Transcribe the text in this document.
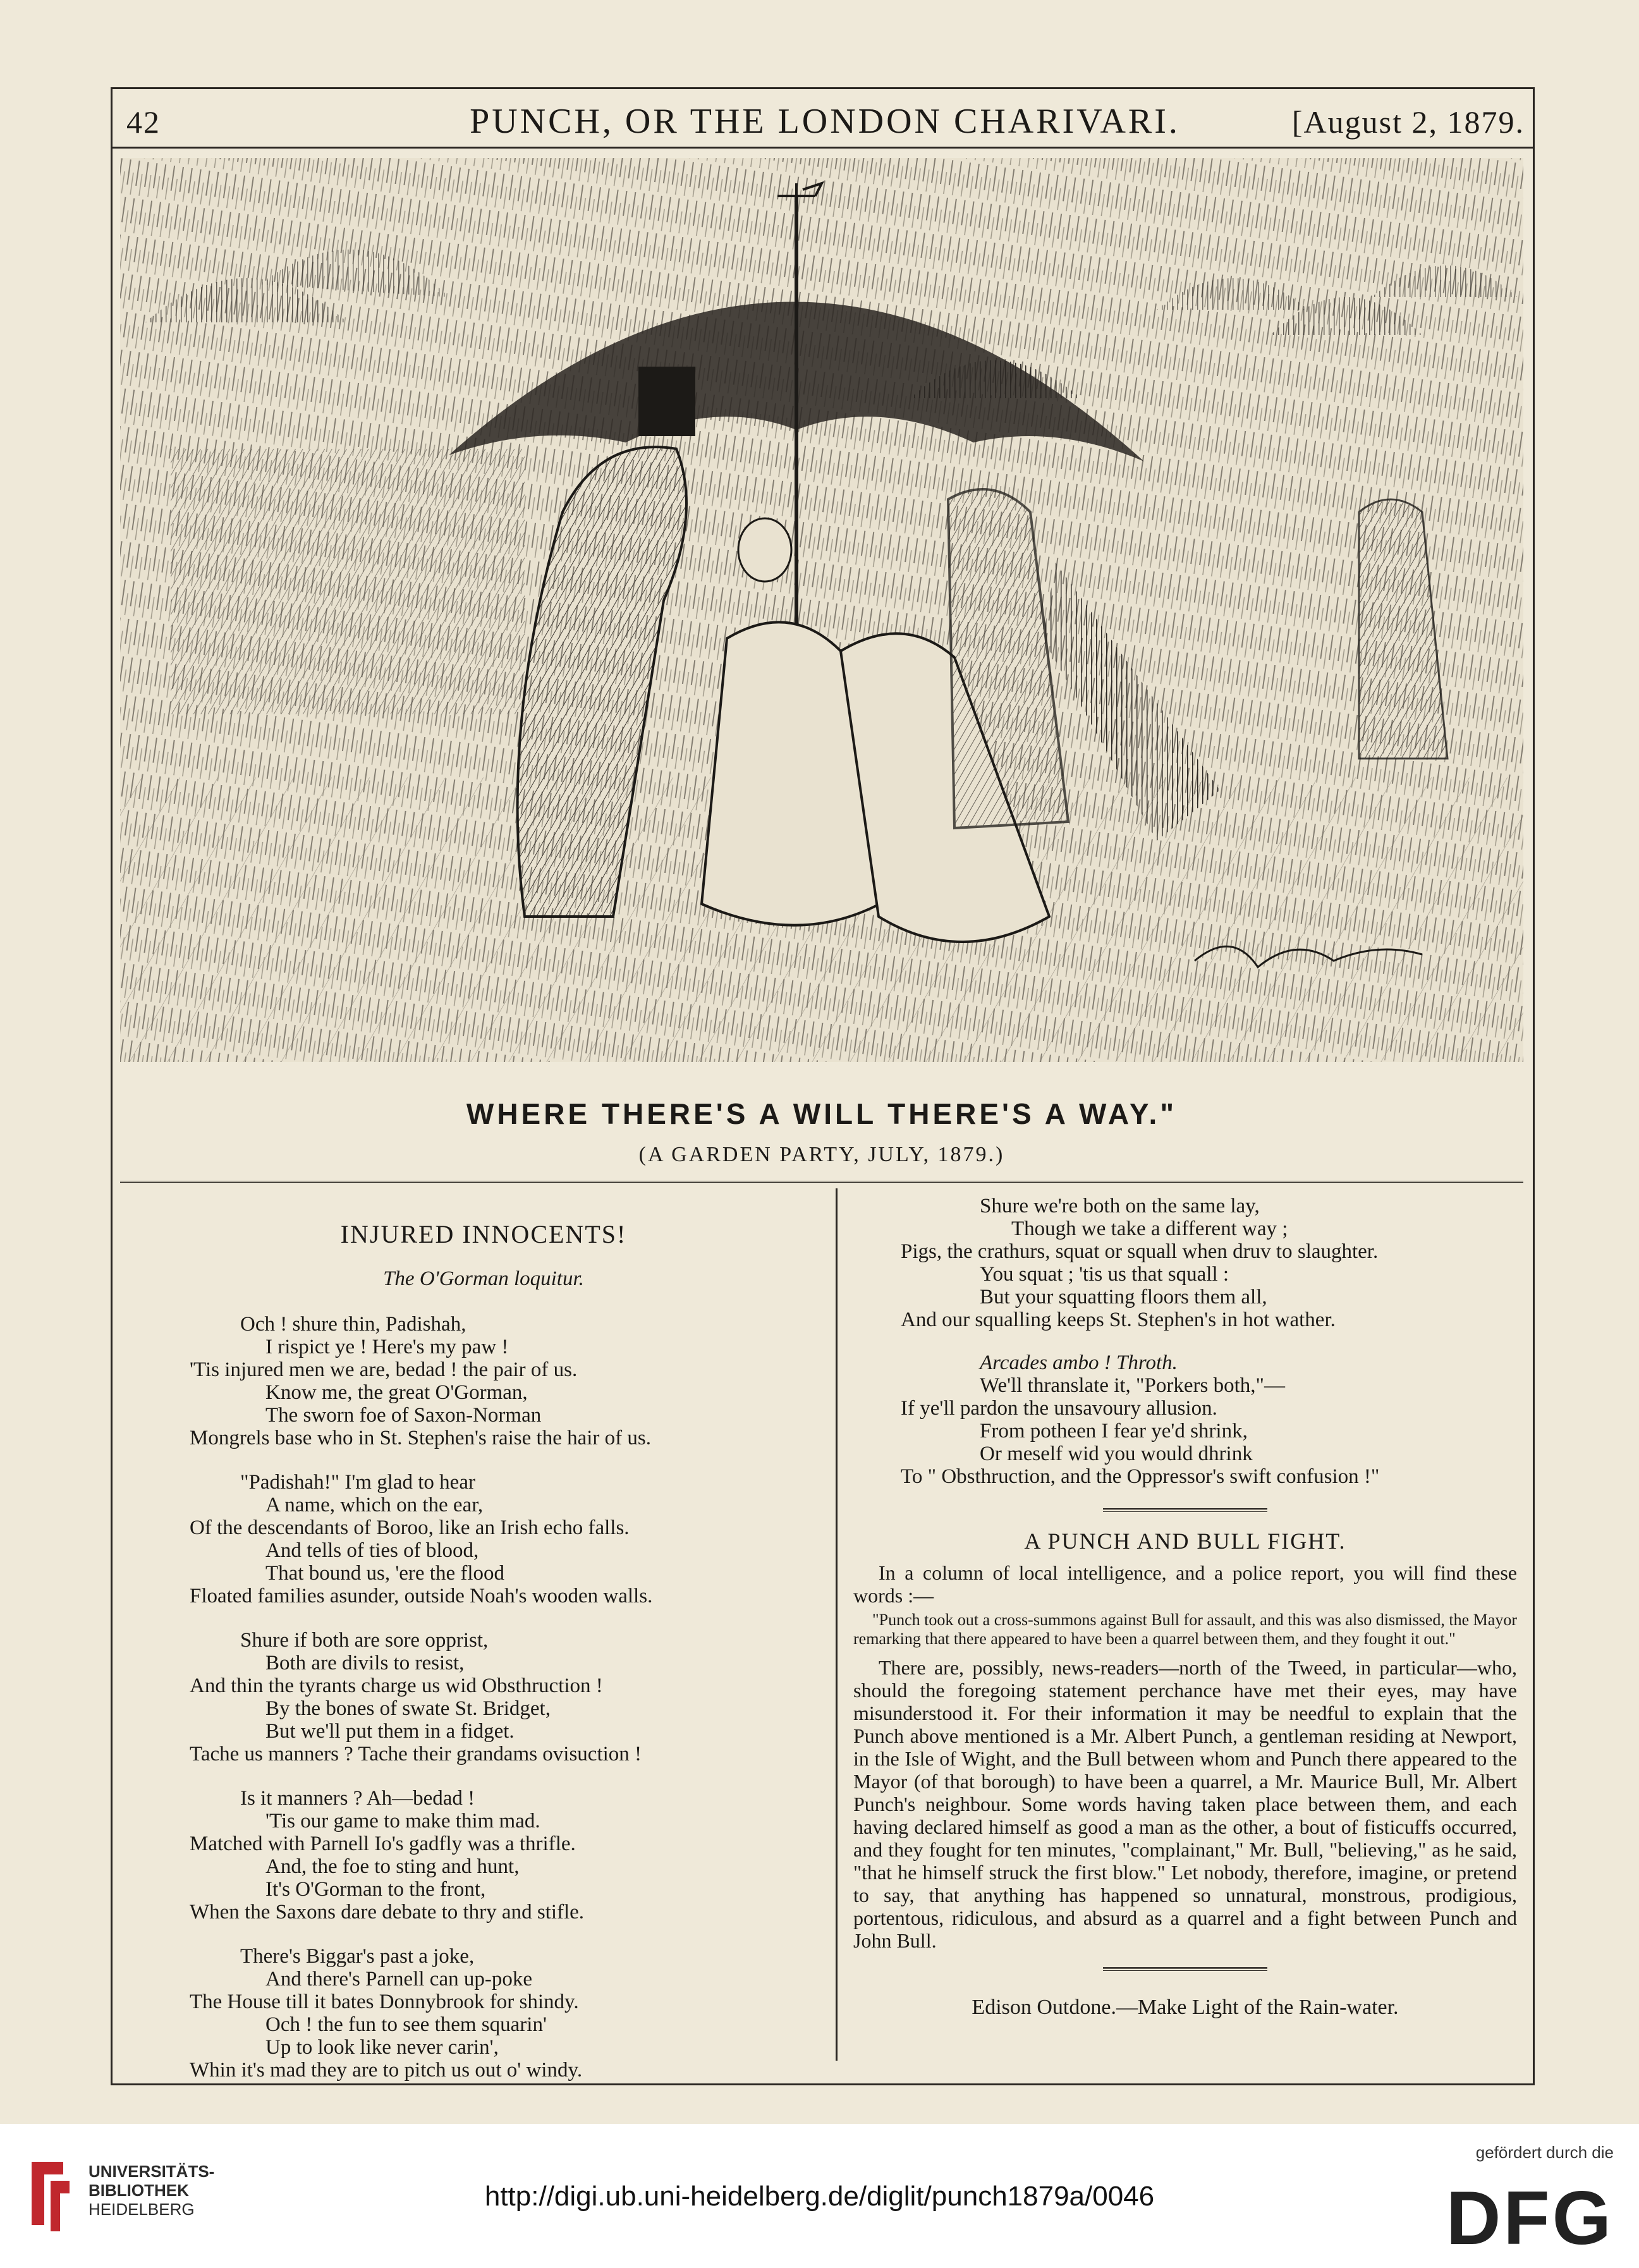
42	PUNCH, OR THE LONDON CHARIVARI.	[August 2, 1879.
WHERE THERE'S A WILL THERE'S A WAY."
(A GARDEN PARTY, JULY, 1879.)
INJURED INNOCENTS!
The O'Gorman loquitur.
Och ! shure thin, Padishah,
I rispict ye ! Here's my paw !
'Tis injured men we are, bedad ! the pair of us.
Know me, the great O'Gorman,
The sworn foe of Saxon-Norman
Mongrels base who in St. Stephen's raise the hair of us.
"Padishah!" I'm glad to hear
A name, which on the ear,
Of the descendants of Boroo, like an Irish echo falls.
And tells of ties of blood,
That bound us, 'ere the flood
Floated families asunder, outside Noah's wooden walls.
Shure if both are sore opprist,
Both are divils to resist,
And thin the tyrants charge us wid Obsthruction !
By the bones of swate St. Bridget,
But we'll put them in a fidget.
Tache us manners ? Tache their grandams ovisuction !
Is it manners ? Ah—bedad !
'Tis our game to make thim mad.
Matched with Parnell Io's gadfly was a thrifle.
And, the foe to sting and hunt,
It's O'Gorman to the front,
When the Saxons dare debate to thry and stifle.
There's Biggar's past a joke,
And there's Parnell can up-poke
The House till it bates Donnybrook for shindy.
Och ! the fun to see them squarin'
Up to look like never carin',
Whin it's mad they are to pitch us out o' windy.
Shure we're both on the same lay,
Though we take a different way ;
Pigs, the crathurs, squat or squall when druv to slaughter.
You squat ; 'tis us that squall :
But your squatting floors them all,
And our squalling keeps St. Stephen's in hot wather.
Arcades ambo ! Throth.
We'll thranslate it, "Porkers both,"—
If ye'll pardon the unsavoury allusion.
From potheen I fear ye'd shrink,
Or meself wid you would dhrink
To " Obsthruction, and the Oppressor's swift confusion !"
A PUNCH AND BULL FIGHT.

In a column of local intelligence, and a police report, you will find these words :—

"Punch took out a cross-summons against Bull for assault, and this was also dismissed, the Mayor remarking that there appeared to have been a quarrel between them, and they fought it out."

There are, possibly, news-readers—north of the Tweed, in particular—who, should the foregoing statement perchance have met their eyes, may have misunderstood it. For their information it may be needful to explain that the Punch above mentioned is a Mr. Albert Punch, a gentleman residing at Newport, in the Isle of Wight, and the Bull between whom and Punch there appeared to the Mayor (of that borough) to have been a quarrel, a Mr. Maurice Bull, Mr. Albert Punch's neighbour. Some words having taken place between them, and each having declared himself as good a man as the other, a bout of fisticuffs occurred, and they fought for ten minutes, "complainant," Mr. Bull, "believing," as he said, "that he himself struck the first blow." Let nobody, therefore, imagine, or pretend to say, that anything has happened so unnatural, monstrous, prodigious, portentous, ridiculous, and absurd as a quarrel and a fight between Punch and John Bull.

Edison Outdone.—Make Light of the Rain-water.
UNIVERSITÄTS-
BIBLIOTHEK
HEIDELBERG	http://digi.ub.uni-heidelberg.de/diglit/punch1879a/0046
gefördert durch die
DFG
